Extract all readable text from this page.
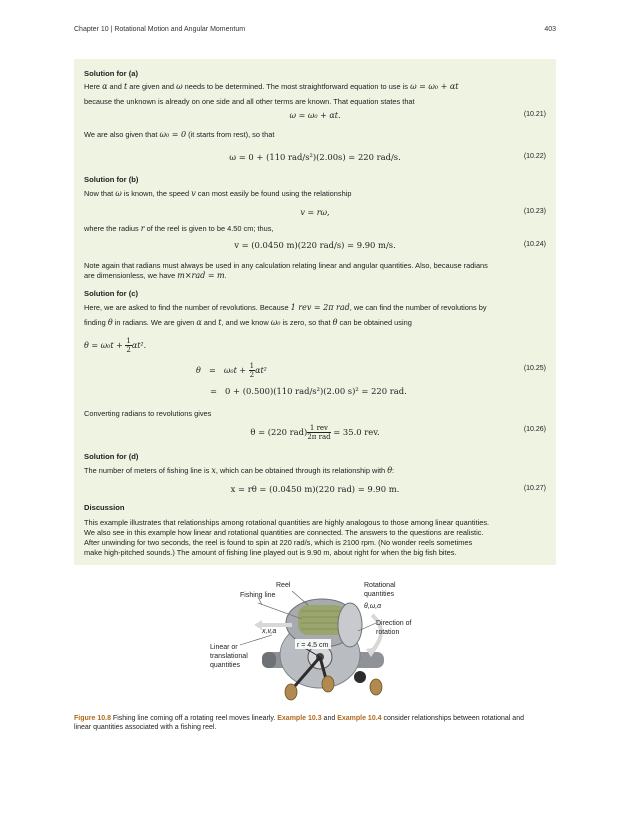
Chapter 10 | Rotational Motion and Angular Momentum	403
Solution for (a)
Here α and t are given and ω needs to be determined. The most straightforward equation to use is ω = ω₀ + αt
because the unknown is already on one side and all other terms are known. That equation states that
ω = ω₀ + αt.	(10.21)
We are also given that ω₀ = 0 (it starts from rest), so that
ω = 0 + (110 rad/s²)(2.00s) = 220 rad/s.	(10.22)
Solution for (b)
Now that ω is known, the speed v can most easily be found using the relationship
v = rω,	(10.23)
where the radius r of the reel is given to be 4.50 cm; thus,
v = (0.0450 m)(220 rad/s) = 9.90 m/s.	(10.24)
Note again that radians must always be used in any calculation relating linear and angular quantities. Also, because radians
are dimensionless, we have m×rad = m.
Solution for (c)
Here, we are asked to find the number of revolutions. Because 1 rev = 2π rad, we can find the number of revolutions by
finding θ in radians. We are given α and t, and we know ω₀ is zero, so that θ can be obtained using
$\theta = \omega_0t + \frac{1}{2} \alpha t^2$.
$\theta = \omega_0t + \frac{1}{2} \alpha t^2$	(10.25)
= 0 + (0.500)(110 rad/s²)(2.00 s)² = 220 rad.
Converting radians to revolutions gives
θ = (220 $rad) \frac{\text{1 rev}}{\text{2π rad}} = 35.0$ rev.	(10.26)
Solution for (d)
The number of meters of fishing line is x, which can be obtained through its relationship with θ:
x = rθ = (0.0450 m)(220 rad) = 9.90 m.	(10.27)
Discussion
This example illustrates that relationships among rotational quantities are highly analogous to those among linear quantities.
We also see in this example how linear and rotational quantities are connected. The answers to the questions are realistic.
After unwinding for two seconds, the reel is found to spin at 220 rad/s, which is 2100 rpm. (No wonder reels sometimes
make high-pitched sounds.) The amount of fishing line played out is 9.90 m, about right for when the big fish bites.
Reel
Fishing line
Rotational
quantities
θ,ω,α
Direction of
rotation
x,v,a
Linear or
translational
quantities
r = 4.5 cm
Figure 10.8 Fishing line coming off a rotating reel moves linearly. Example 10.3 and Example 10.4 consider relationships between rotational and
linear quantities associated with a fishing reel.
